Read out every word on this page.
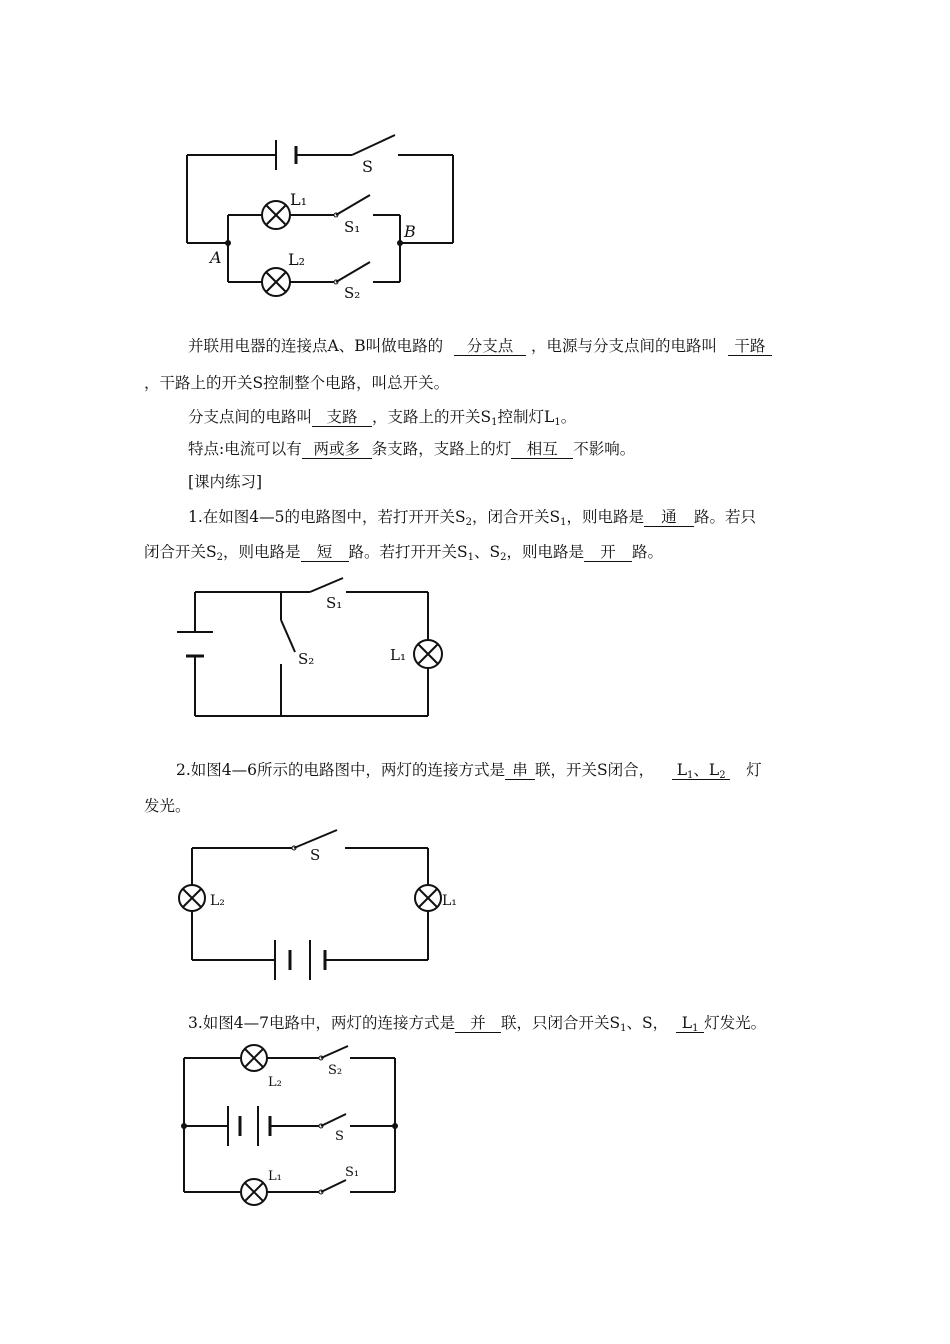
S
L₁
S₁	B
A	L₂
S₂
并联用电器的连接点A、B叫做电路的 分支点 ，电源与分支点间的电路叫 干路
，干路上的开关S控制整个电路，叫总开关。
分支点间的电路叫 支路 ，支路上的开关$S_1$控制灯$L_1$。
特点:电流可以有 两或多 条支路，支路上的灯 相互 不影响。
[课内练习]
1.在如图4—5的电路图中，若打开开关$S_2$，闭合开关$S_1$，则电路是 通 路。若只
闭合开关$S_2$，则电路是 短 路。若打开开关$S_1$、$S_2$，则电路是 开 路。
S₁
S₂	L₁
2.如图4—6所示的电路图中，两灯的连接方式是 串 联，开关S闭合， $L_1$、$L_2$ 灯
发光。
S
L₂	L₁
3.如图4—7电路中，两灯的连接方式是 并 联，只闭合开关$S_1$、S， $L_1$ 灯发光。
L₂
S₂
S
L₁	S₁
